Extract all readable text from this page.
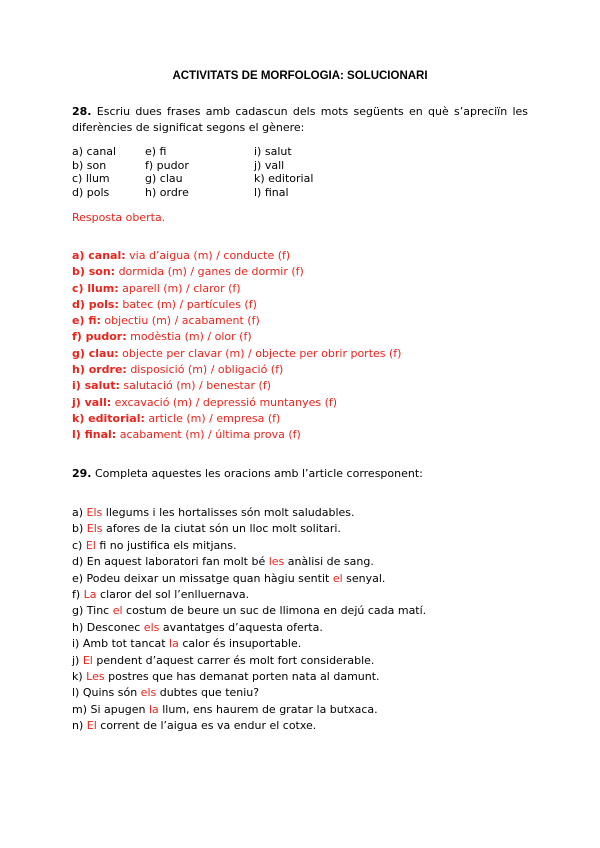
ACTIVITATS DE MORFOLOGIA: SOLUCIONARI
28. Escriu dues frases amb cadascun dels mots següents en què s’apreciïn les diferències de significat segons el gènere:
a) canal	e) fi	i) salut
b) son	f) pudor	j) vall
c) llum	g) clau	k) editorial
d) pols	h) ordre	l) final
Resposta oberta.
a) canal: via d’aigua (m) / conducte (f)
b) son: dormida (m) / ganes de dormir (f)
c) llum: aparell (m) / claror (f)
d) pols: batec (m) / partícules (f)
e) fi: objectiu (m) / acabament (f)
f) pudor: modèstia (m) / olor (f)
g) clau: objecte per clavar (m) / objecte per obrir portes (f)
h) ordre: disposició (m) / obligació (f)
i) salut: salutació (m) / benestar (f)
j) vall: excavació (m) / depressió muntanyes (f)
k) editorial: article (m) / empresa (f)
l) final: acabament (m) / última prova (f)
29. Completa aquestes les oracions amb l’article corresponent:
a) Els llegums i les hortalisses són molt saludables.
b) Els afores de la ciutat són un lloc molt solitari.
c) El fi no justifica els mitjans.
d) En aquest laboratori fan molt bé les anàlisi de sang.
e) Podeu deixar un missatge quan hàgiu sentit el senyal.
f) La claror del sol l’enlluernava.
g) Tinc el costum de beure un suc de llimona en dejú cada matí.
h) Desconec els avantatges d’aquesta oferta.
i) Amb tot tancat la calor és insuportable.
j) El pendent d’aquest carrer és molt fort considerable.
k) Les postres que has demanat porten nata al damunt.
l) Quins són els dubtes que teniu?
m) Si apugen la llum, ens haurem de gratar la butxaca.
n) El corrent de l’aigua es va endur el cotxe.
